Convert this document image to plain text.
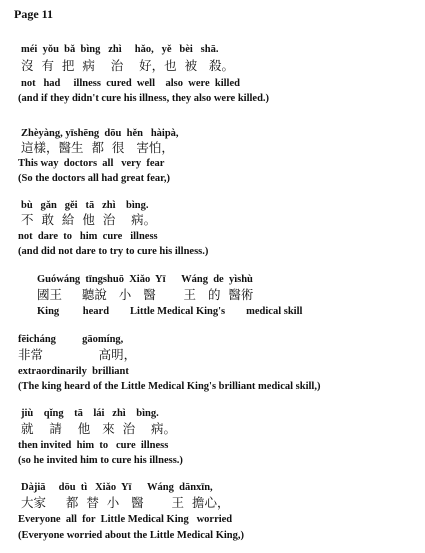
Page 11
méi  yǒu  bǎ  bìng   zhì     hǎo,   yě   bèi   shā.
沒  有  把  病    治    好，也  被   殺。
not   had     illness  cured  well    also  were  killed
(and if they didn't cure his illness, they also were killed.)
Zhèyàng, yīshēng  dōu  hěn   hàipà,
這樣，醫生  都  很   害怕，
This way  doctors  all   very  fear
(So the doctors all had great fear,)
bù   gǎn   gěi   tā   zhì    bìng.
不  敢  給  他  治    病。
not  dare  to   him  cure   illness
(and did not dare to try to cure his illness.)
Guówáng  tīngshuō  Xiǎo  Yī      Wáng  de  yìshù
國王     聽說   小   醫       王   的  醫術
King         heard        Little Medical King's        medical skill
fēicháng          gāomíng,
非常              高明，
extraordinarily  brilliant
(The king heard of the Little Medical King's brilliant medical skill,)
jiù    qǐng    tā    lái   zhì    bìng.
就    請    他   來  治    病。
then invited  him  to   cure  illness
(so he invited him to cure his illness.)
Dàjiā     dōu  tì   Xiǎo  Yī      Wáng  dānxīn,
大家     都  替  小   醫       王  擔心，
Everyone  all  for  Little Medical King   worried
(Everyone worried about the Little Medical King,)
